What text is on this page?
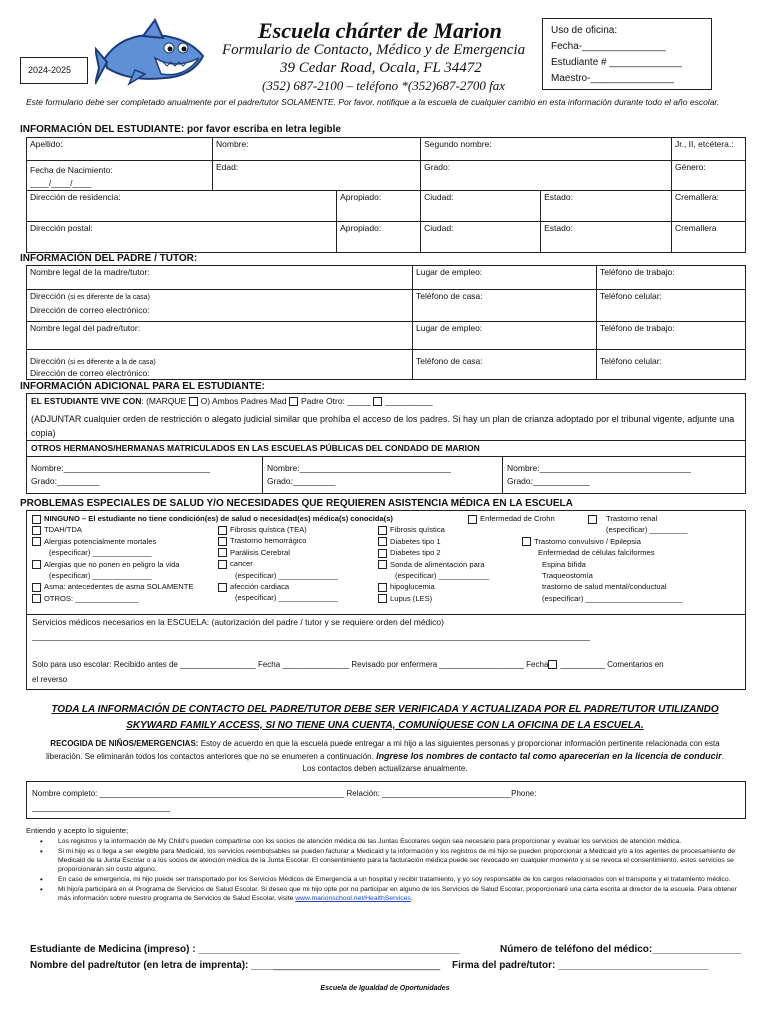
2024-2025
Escuela chárter de Marion
Formulario de Contacto, Médico y de Emergencia
39 Cedar Road, Ocala, FL 34472
(352) 687-2100 – teléfono *(352)687-2700 fax
Uso de oficina:
Fecha-_______________
Estudiante # _____________
Maestro-_______________
Este formulario debe ser completado anualmente por el padre/tutor SOLAMENTE. Por favor, notifique a la escuela de cualquier cambio en esta información durante todo el año escolar.
INFORMACIÓN DEL ESTUDIANTE: por favor escriba en letra legible
Apellido:	Nombre:		Segundo nombre:		Jr., II, etcétera.:

Fecha de Nacimiento:
____/____/____	Edad:		Grado:		Género:
Dirección de residencia:		Apropiado:	Ciudad:	Estado:	Cremallera:
Dirección postal:		Apropiado:	Ciudad:	Estado:	Cremallera
INFORMACIÓN DEL PADRE / TUTOR:
Nombre legal de la madre/tutor:	Lugar de empleo:	Teléfono de trabajo:

Dirección (si es diferente de la casa)
Dirección de correo electrónico:	Teléfono de casa:	Teléfono celular:
Nombre legal del padre/tutor:	Lugar de empleo:	Teléfono de trabajo:

Dirección (si es diferente a la de casa)
Dirección de correo electrónico:	Teléfono de casa:	Teléfono celular:
INFORMACIÓN ADICIONAL PARA EL ESTUDIANTE:
EL ESTUDIANTE VIVE CON: (MARQUE O) Ambos Padres Mad Padre Otro: _____ __________
(ADJUNTAR cualquier orden de restricción o alegato judicial similar que prohíba el acceso de los padres. Si hay un plan de crianza adoptado por el tribunal vigente, adjunte una copia)
OTROS HERMANOS/HERMANAS MATRICULADOS EN LAS ESCUELAS PÚBLICAS DEL CONDADO DE MARION
Nombre:_______________________________
Grado:_________
Nombre:________________________________
Grado:_________
Nombre:________________________________
Grado:____________
PROBLEMAS ESPECIALES DE SALUD Y/O NECESIDADES QUE REQUIEREN ASISTENCIA MÉDICA EN LA ESCUELA
NINGUNO – El estudiante no tiene condición(es) de salud o necesidad(es) médica(s) conocida(s)
TDAH/TDA
Alergias potencialmente mortales
(especificar) ______________
Alergias que no ponen en peligro la vida
(especificar) ______________
Asma: antecedentes de asma SOLAMENTE
OTROS: _______________
Fibrosis quística (TEA)
Trastorno hemorrágico
Parálisis Cerebral
cancer
(especificar) ______________
afección cardiaca
(especificar) ______________
Enfermedad de Crohn
Fibrosis quística
Diabetes tipo 1
Diabetes tipo 2
Sonda de alimentación para
(especificar) ____________
hipoglucemia
Lupus (LES)
Trastorno renal
(especificar) _________
Trastorno convulsivo / Epilepsia
Enfermedad de células falciformes
Espina bífida
Traqueostomía
trastorno de salud mental/conductual
(especificar) _______________________
Servicios médicos necesarios en la ESCUELA: (autorización del padre / tutor y se requiere orden del médico)
______________________________________________________________________________________________________________________
Solo para uso escolar: Recibido antes de _________________ Fecha _______________ Revisado por enfermera ___________________ Fecha __________ Comentarios en
el reverso
TODA LA INFORMACIÓN DE CONTACTO DEL PADRE/TUTOR DEBE SER VERIFICADA Y ACTUALIZADA POR EL PADRE/TUTOR UTILIZANDO
SKYWARD FAMILY ACCESS, SI NO TIENE UNA CUENTA, COMUNÍQUESE CON LA OFICINA DE LA ESCUELA.
RECOGIDA DE NIÑOS/EMERGENCIAS: Estoy de acuerdo en que la escuela puede entregar a mi hijo a las siguientes personas y proporcionar información pertinente relacionada con esta liberación. Se eliminarán todos los contactos anteriores que no se enumeren a continuación. Ingrese los nombres de contacto tal como aparecerían en la licencia de conducir. Los contactos deben actualizarse anualmente.
Nombre completo: _______________________________________________________ Relación: _____________________________Phone:
_______________________________
Entiendo y acepto lo siguiente;
• Los registros y la información de My Child's pueden compartirse con los socios de atención médica de las Juntas Escolares según sea necesario para proporcionar y evaluar los servicios de atención médica.
• Si mi hijo es o llega a ser elegible para Medicaid, los servicios reembolsables se pueden facturar a Medicaid y la información y los registros de mi hijo se pueden proporcionar a Medicaid y/o a los agentes de procesamiento de Medicaid de la Junta Escolar o a los socios de atención médica de la Junta Escolar. El consentimiento para la facturación médica puede ser revocado en cualquier momento y si se revoca el consentimiento, estos servicios se proporcionarán sin costo alguno.
• En caso de emergencia, mi hijo puede ser transportado por los Servicios Médicos de Emergencia a un hospital y recibir tratamiento, y yo soy responsable de los cargos relacionados con el transporte y el tratamiento médico.
• Mi hijo/a participará en el Programa de Servicios de Salud Escolar. Si deseo que mi hijo opte por no participar en alguno de los Servicios de Salud Escolar, proporcionaré una carta escrita al director de la escuela. Para obtener más información sobre nuestro programa de Servicios de Salud Escolar, visite www.marionschool.net/HealthServices.
Estudiante de Medicina (impreso) : _______________________________________________	Número de teléfono del médico:________________
Nombre del padre/tutor (en letra de imprenta): __________________________________ Firma del padre/tutor: ___________________________
Escuela de Igualdad de Oportunidades
